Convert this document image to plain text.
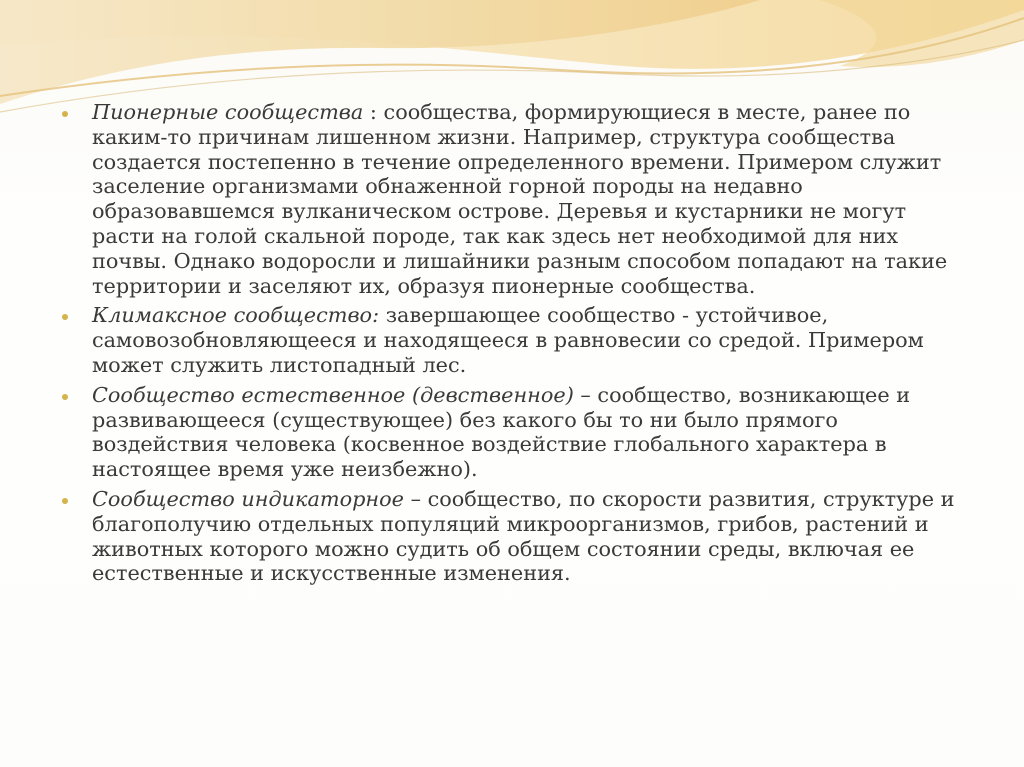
Пионерные сообщества : сообщества, формирующиеся в месте, ранее по каким-то причинам лишенном жизни. Например, структура сообщества создается постепенно в течение определенного времени. Примером служит заселение организмами обнаженной горной породы на недавно образовавшемся вулканическом острове. Деревья и кустарники не могут расти на голой скальной породе, так как здесь нет необходимой для них почвы. Однако водоросли и лишайники разным способом попадают на такие территории и заселяют их, образуя пионерные сообщества.
Климаксное сообщество: завершающее сообщество - устойчивое, самовозобновляющееся и находящееся в равновесии со средой. Примером может служить листопадный лес.
Сообщество естественное (девственное) – сообщество, возникающее и развивающееся (существующее) без какого бы то ни было прямого воздействия человека (косвенное воздействие глобального характера в настоящее время уже неизбежно).
Сообщество индикаторное – сообщество, по скорости развития, структуре и благополучию отдельных популяций микроорганизмов, грибов, растений и животных которого можно судить об общем состоянии среды, включая ее естественные и искусственные изменения.
